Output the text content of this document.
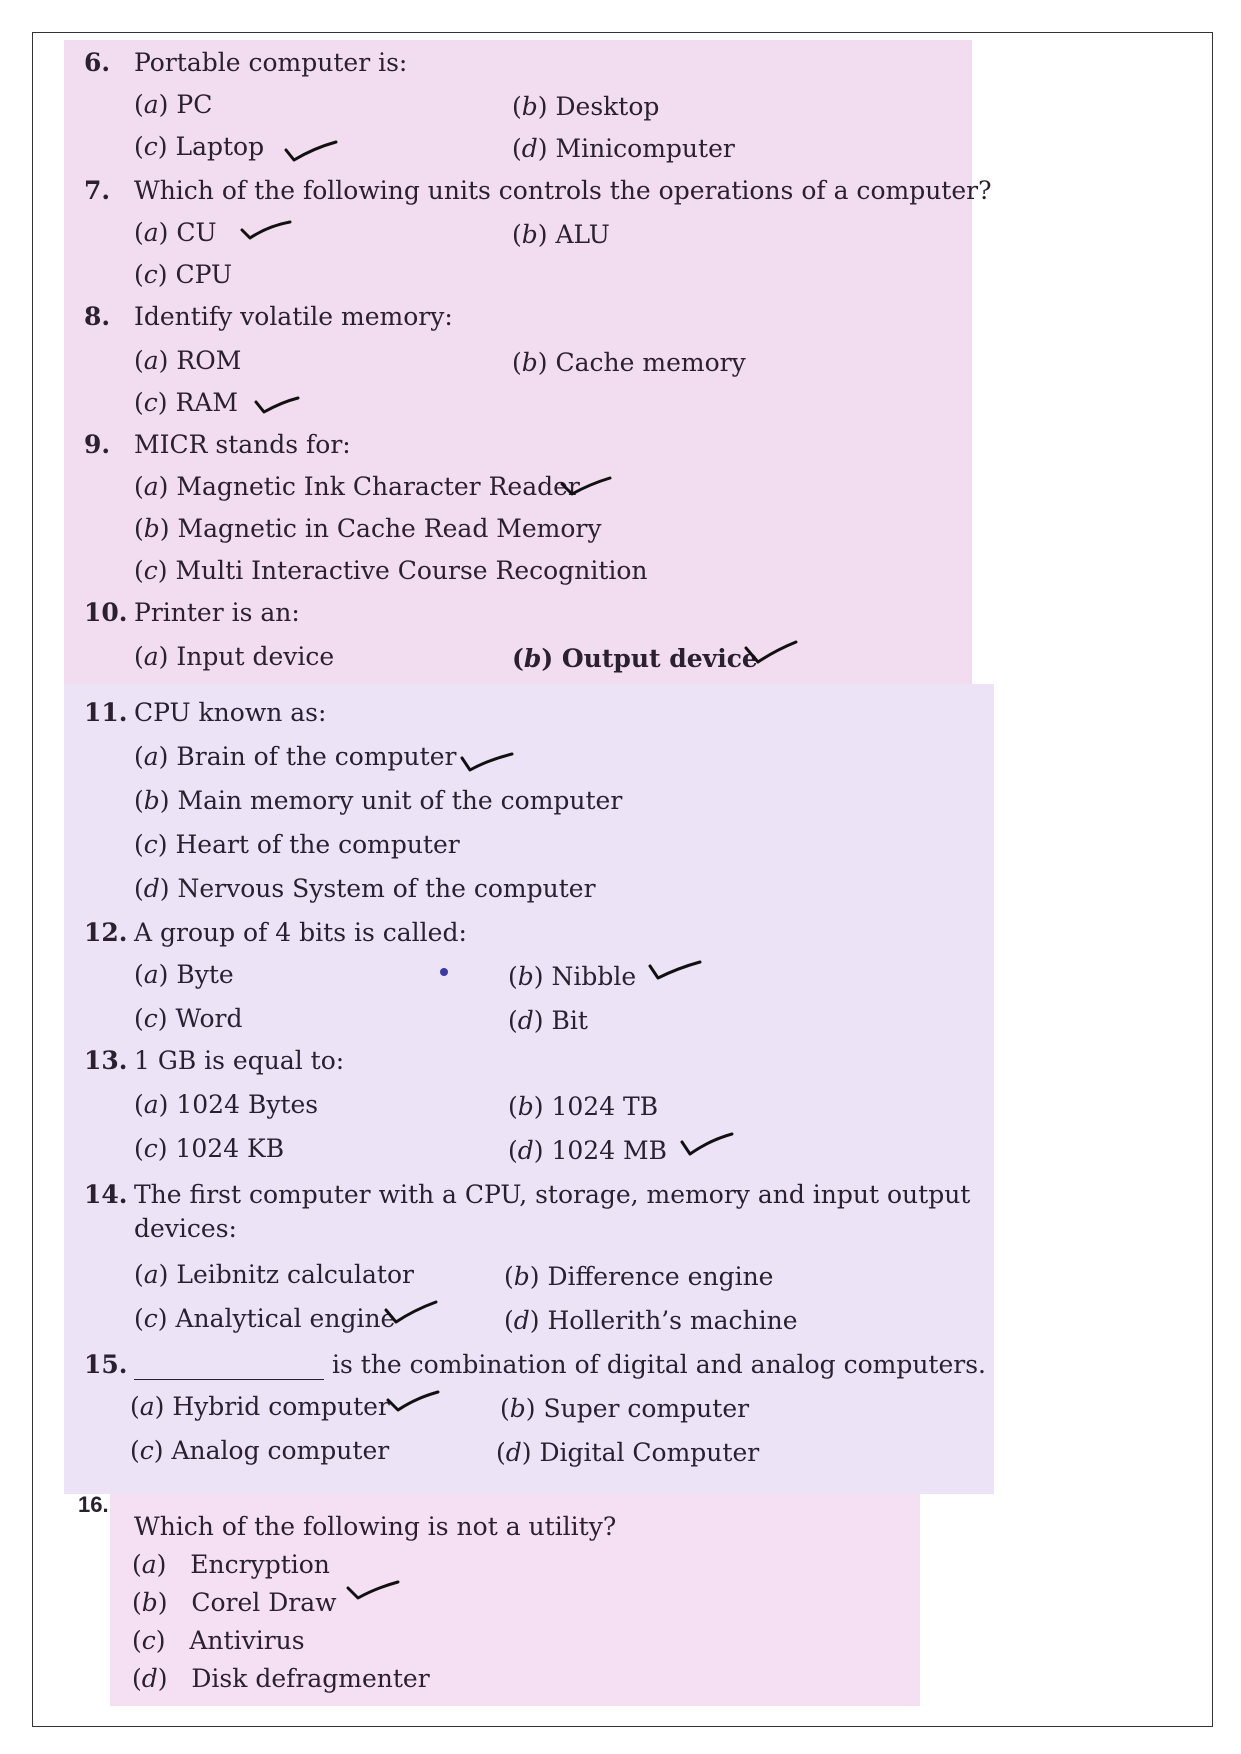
6. Portable computer is:
(a) PC	(b) Desktop
(c) Laptop	(d) Minicomputer
7. Which of the following units controls the operations of a computer?
(a) CU	(b) ALU
(c) CPU
8. Identify volatile memory:
(a) ROM	(b) Cache memory
(c) RAM
9. MICR stands for:
(a) Magnetic Ink Character Reader
(b) Magnetic in Cache Read Memory
(c) Multi Interactive Course Recognition
10. Printer is an:
(a) Input device	(b) Output device
11. CPU known as:
(a) Brain of the computer
(b) Main memory unit of the computer
(c) Heart of the computer
(d) Nervous System of the computer
12. A group of 4 bits is called:
(a) Byte	(b) Nibble
(c) Word	(d) Bit
13. 1 GB is equal to:
(a) 1024 Bytes	(b) 1024 TB
(c) 1024 KB	(d) 1024 MB
14. The first computer with a CPU, storage, memory and input output
devices:
(a) Leibnitz calculator	(b) Difference engine
(c) Analytical engine	(d) Hollerith’s machine
15.	is the combination of digital and analog computers.
(a) Hybrid computer	(b) Super computer
(c) Analog computer	(d) Digital Computer
16.
Which of the following is not a utility?
(a)   Encryption
(b)   Corel Draw
(c)   Antivirus
(d)   Disk defragmenter
